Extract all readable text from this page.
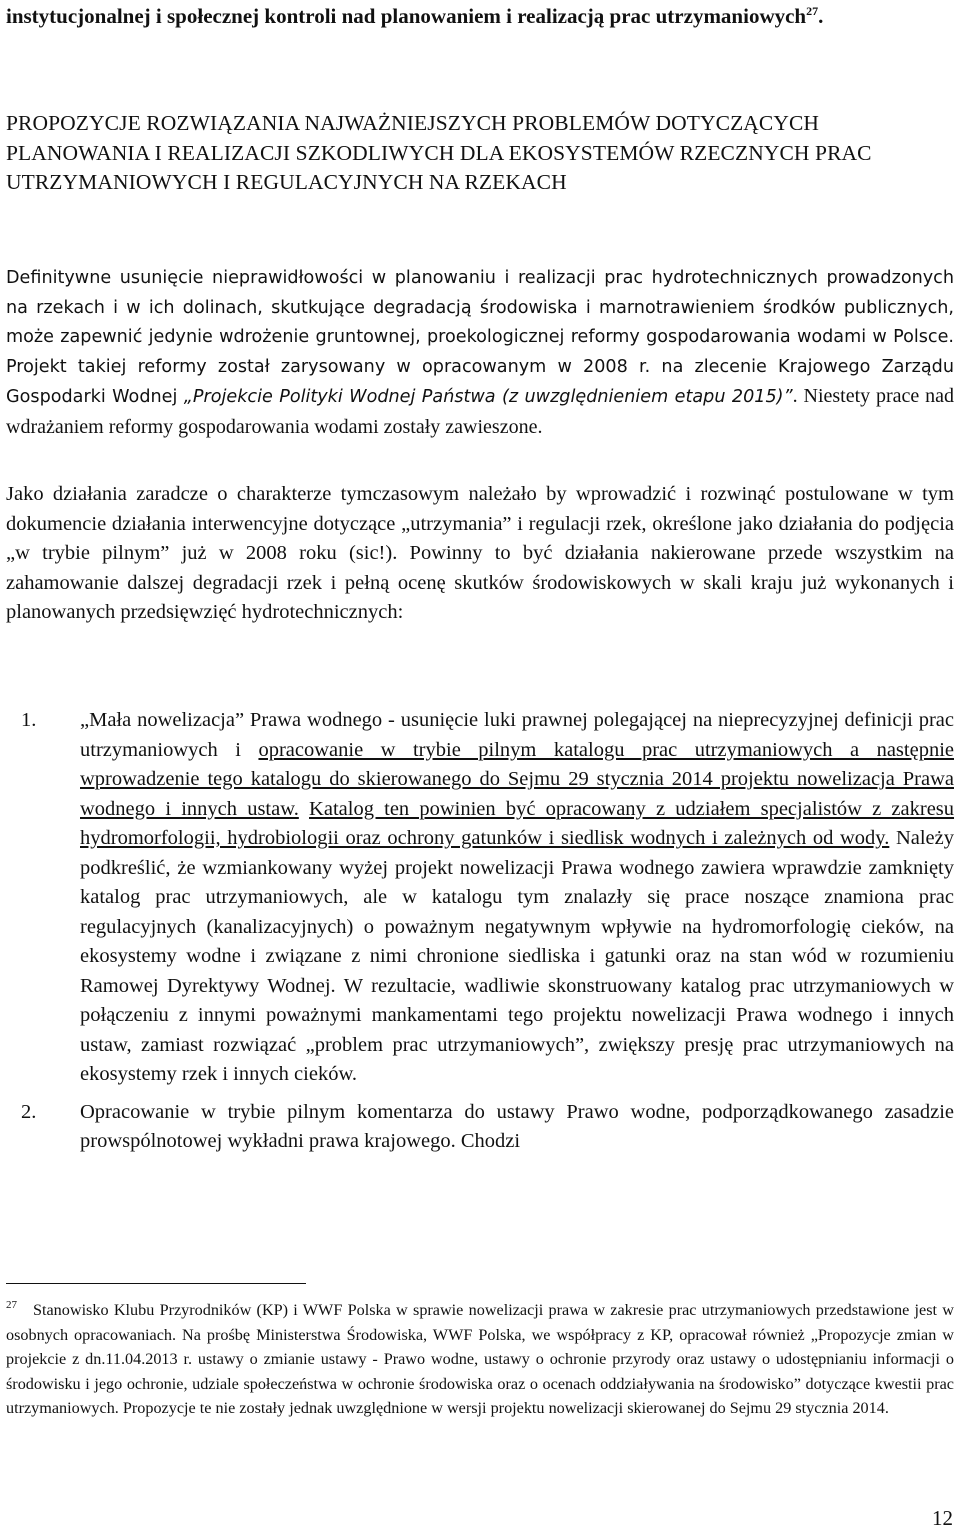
instytucjonalnej i społecznej kontroli nad planowaniem i realizacją prac utrzymaniowych$^{27}$.

PROPOZYCJE ROZWIĄZANIA NAJWAŻNIEJSZYCH PROBLEMÓW DOTYCZĄCYCH PLANOWANIA I REALIZACJI SZKODLIWYCH DLA EKOSYSTEMÓW RZECZNYCH PRAC UTRZYMANIOWYCH I REGULACYJNYCH NA RZEKACH

Definitywne usunięcie nieprawidłowości w planowaniu i realizacji prac hydrotechnicznych prowadzonych na rzekach i w ich dolinach, skutkujące degradacją środowiska i marnotrawieniem środków publicznych, może zapewnić jedynie wdrożenie gruntownej, proekologicznej reformy gospodarowania wodami w Polsce. Projekt takiej reformy został zarysowany w opracowanym w 2008 r. na zlecenie Krajowego Zarządu Gospodarki Wodnej „Projekcie Polityki Wodnej Państwa (z uwzględnieniem etapu 2015)”. Niestety prace nad wdrażaniem reformy gospodarowania wodami zostały zawieszone.

Jako działania zaradcze o charakterze tymczasowym należało by wprowadzić i rozwinąć postulowane w tym dokumencie działania interwencyjne dotyczące „utrzymania” i regulacji rzek, określone jako działania do podjęcia „w trybie pilnym” już w 2008 roku (sic!). Powinny to być działania nakierowane przede wszystkim na zahamowanie dalszej degradacji rzek i pełną ocenę skutków środowiskowych w skali kraju już wykonanych i planowanych przedsięwzięć hydrotechnicznych:

1. „Mała nowelizacja” Prawa wodnego - usunięcie luki prawnej polegającej na nieprecyzyjnej definicji prac utrzymaniowych i opracowanie w trybie pilnym katalogu prac utrzymaniowych a następnie wprowadzenie tego katalogu do skierowanego do Sejmu 29 stycznia 2014 projektu nowelizacja Prawa wodnego i innych ustaw. Katalog ten powinien być opracowany z udziałem specjalistów z zakresu hydromorfologii, hydrobiologii oraz ochrony gatunków i siedlisk wodnych i zależnych od wody. Należy podkreślić, że wzmiankowany wyżej projekt nowelizacji Prawa wodnego zawiera wprawdzie zamknięty katalog prac utrzymaniowych, ale w katalogu tym znalazły się prace noszące znamiona prac regulacyjnych (kanalizacyjnych) o poważnym negatywnym wpływie na hydromorfologię cieków, na ekosystemy wodne i związane z nimi chronione siedliska i gatunki oraz na stan wód w rozumieniu Ramowej Dyrektywy Wodnej. W rezultacie, wadliwie skonstruowany katalog prac utrzymaniowych w połączeniu z innymi poważnymi mankamentami tego projektu nowelizacji Prawa wodnego i innych ustaw, zamiast rozwiązać „problem prac utrzymaniowych”, zwiększy presję prac utrzymaniowych na ekosystemy rzek i innych cieków.

2. Opracowanie w trybie pilnym komentarza do ustawy Prawo wodne, podporządkowanego zasadzie prowspólnotowej wykładni prawa krajowego. Chodzi

$^{27}$ Stanowisko Klubu Przyrodników (KP) i WWF Polska w sprawie nowelizacji prawa w zakresie prac utrzymaniowych przedstawione jest w osobnych opracowaniach. Na prośbę Ministerstwa Środowiska, WWF Polska, we współpracy z KP, opracował również „Propozycje zmian w projekcie z dn.11.04.2013 r. ustawy o zmianie ustawy - Prawo wodne, ustawy o ochronie przyrody oraz ustawy o udostępnianiu informacji o środowisku i jego ochronie, udziale społeczeństwa w ochronie środowiska oraz o ocenach oddziaływania na środowisko” dotyczące kwestii prac utrzymaniowych. Propozycje te nie zostały jednak uwzględnione w wersji projektu nowelizacji skierowanej do Sejmu 29 stycznia 2014.

12
